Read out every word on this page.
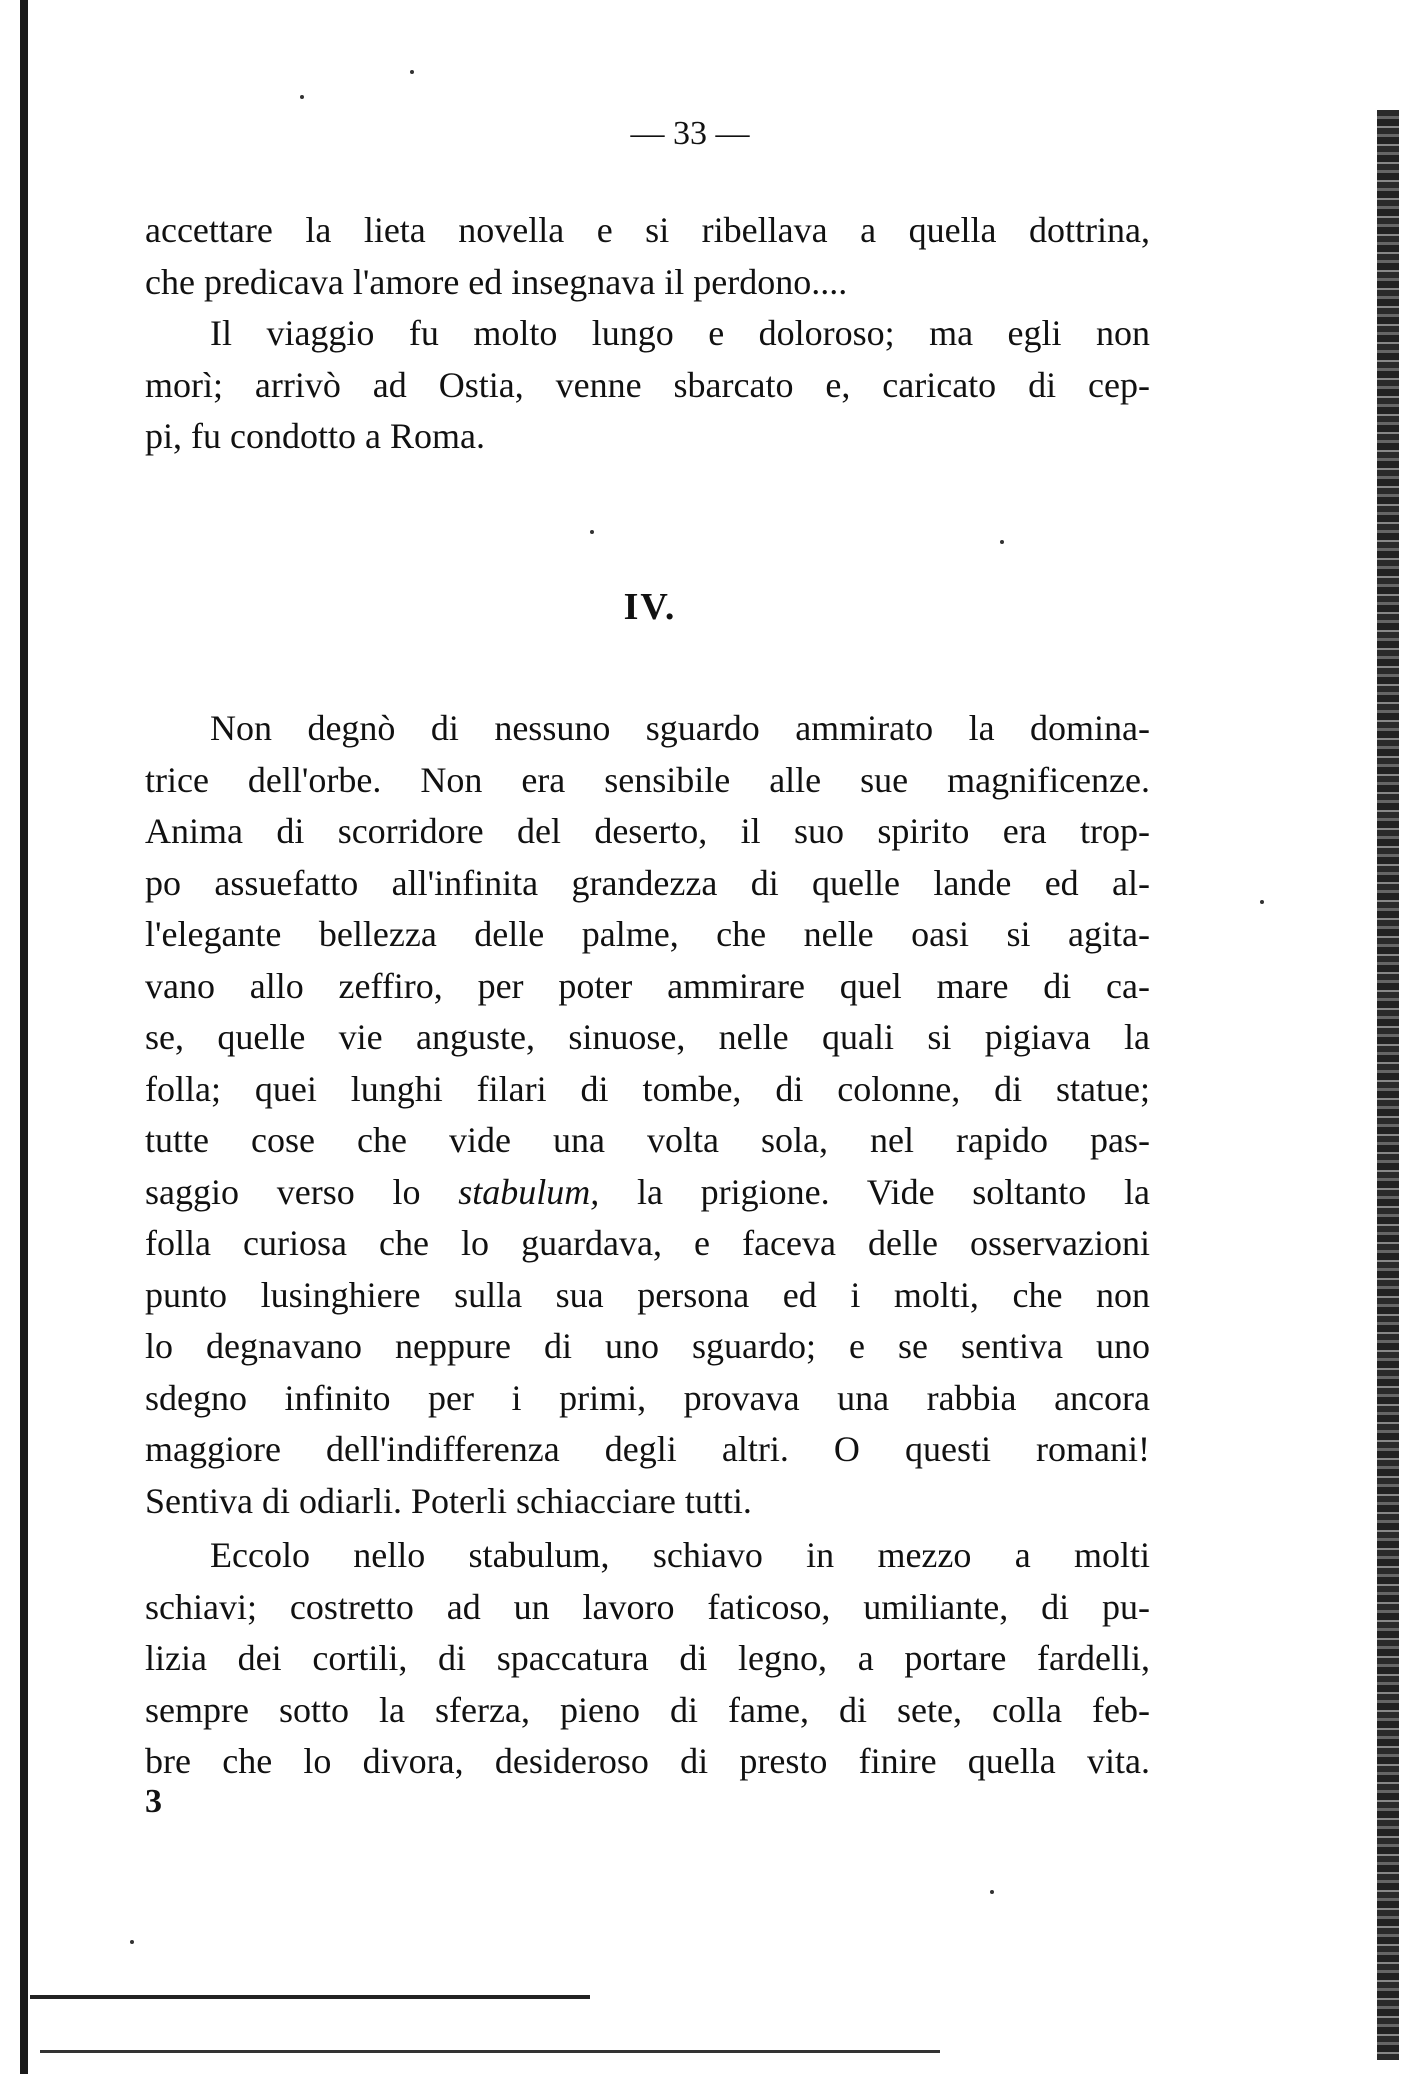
— 33 —
accettare la lieta novella e si ribellava a quella dottrina,
che predicava l'amore ed insegnava il perdono....
Il viaggio fu molto lungo e doloroso; ma egli non
morì; arrivò ad Ostia, venne sbarcato e, caricato di cep-
pi, fu condotto a Roma.
IV.
Non degnò di nessuno sguardo ammirato la domina-
trice dell'orbe. Non era sensibile alle sue magnificenze.
Anima di scorridore del deserto, il suo spirito era trop-
po assuefatto all'infinita grandezza di quelle lande ed al-
l'elegante bellezza delle palme, che nelle oasi si agita-
vano allo zeffiro, per poter ammirare quel mare di ca-
se, quelle vie anguste, sinuose, nelle quali si pigiava la
folla; quei lunghi filari di tombe, di colonne, di statue;
tutte cose che vide una volta sola, nel rapido pas-
saggio verso lo stabulum, la prigione. Vide soltanto la
folla curiosa che lo guardava, e faceva delle osservazioni
punto lusinghiere sulla sua persona ed i molti, che non
lo degnavano neppure di uno sguardo; e se sentiva uno
sdegno infinito per i primi, provava una rabbia ancora
maggiore dell'indifferenza degli altri. O questi romani!
Sentiva di odiarli. Poterli schiacciare tutti.
Eccolo nello stabulum, schiavo in mezzo a molti
schiavi; costretto ad un lavoro faticoso, umiliante, di pu-
lizia dei cortili, di spaccatura di legno, a portare fardelli,
sempre sotto la sferza, pieno di fame, di sete, colla feb-
bre che lo divora, desideroso di presto finire quella vita.
3
